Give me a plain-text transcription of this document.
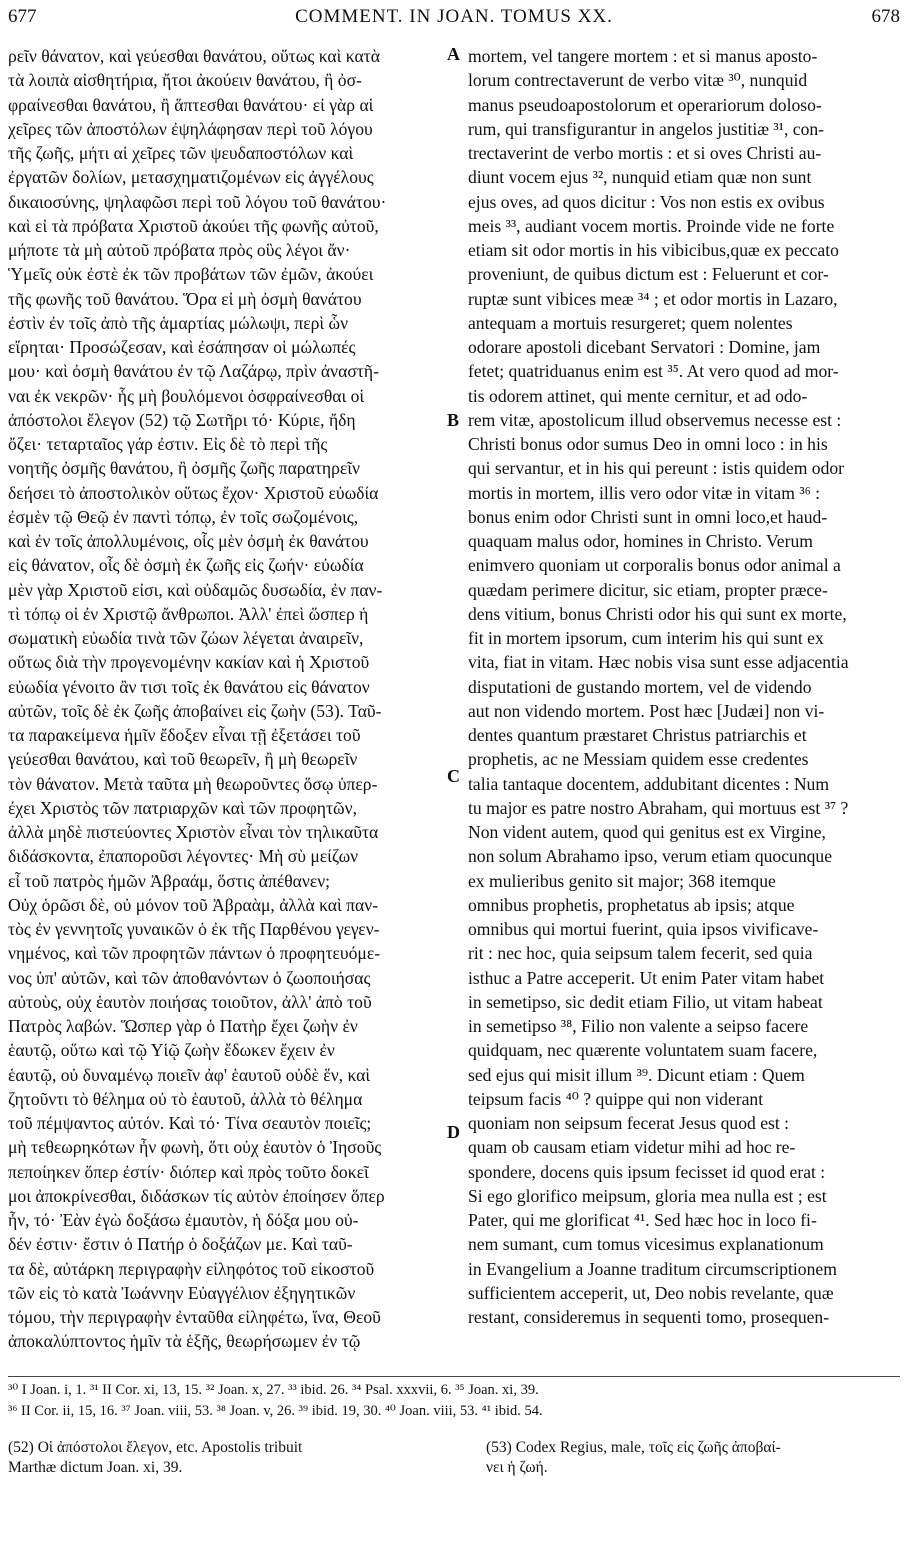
677	COMMENT. IN JOAN. TOMUS XX.	678
ρεῖν θάνατον, καὶ γεύεσθαι θανάτου, οὕτως καὶ κατὰ
τὰ λοιπὰ αἰσθητήρια, ἤτοι ἀκούειν θανάτου, ἢ ὀσ-
φραίνεσθαι θανάτου, ἢ ἅπτεσθαι θανάτου· εἰ γὰρ αἱ
χεῖρες τῶν ἀποστόλων ἐψηλάφησαν περὶ τοῦ λόγου
τῆς ζωῆς, μήτι αἱ χεῖρες τῶν ψευδαποστόλων καὶ
ἐργατῶν δολίων, μετασχηματιζομένων εἰς ἀγγέλους
δικαιοσύνης, ψηλαφῶσι περὶ τοῦ λόγου τοῦ θανάτου·
καὶ εἰ τὰ πρόβατα Χριστοῦ ἀκούει τῆς φωνῆς αὐτοῦ,
μήποτε τὰ μὴ αὐτοῦ πρόβατα πρὸς οὓς λέγοι ἄν·
Ὑμεῖς οὐκ ἐστὲ ἐκ τῶν προβάτων τῶν ἐμῶν, ἀκούει
τῆς φωνῆς τοῦ θανάτου. Ὅρα εἰ μὴ ὀσμὴ θανάτου
ἐστὶν ἐν τοῖς ἀπὸ τῆς ἁμαρτίας μώλωψι, περὶ ὧν
εἴρηται· Προσώζεσαν, καὶ ἐσάπησαν οἱ μώλωπές
μου· καὶ ὀσμὴ θανάτου ἐν τῷ Λαζάρῳ, πρὶν ἀναστῆ-
ναι ἐκ νεκρῶν· ἧς μὴ βουλόμενοι ὀσφραίνεσθαι οἱ
ἀπόστολοι ἔλεγον (52) τῷ Σωτῆρι τό· Κύριε, ἤδη
ὄζει· τεταρταῖος γάρ ἐστιν. Εἰς δὲ τὸ περὶ τῆς
νοητῆς ὀσμῆς θανάτου, ἢ ὀσμῆς ζωῆς παρατηρεῖν
δεήσει τὸ ἀποστολικὸν οὕτως ἔχον· Χριστοῦ εὐωδία
ἐσμὲν τῷ Θεῷ ἐν παντὶ τόπῳ, ἐν τοῖς σωζομένοις,
καὶ ἐν τοῖς ἀπολλυμένοις, οἷς μὲν ὀσμὴ ἐκ θανάτου
εἰς θάνατον, οἷς δὲ ὀσμὴ ἐκ ζωῆς εἰς ζωήν· εὐωδία
μὲν γὰρ Χριστοῦ εἰσι, καὶ οὐδαμῶς δυσωδία, ἐν παν-
τὶ τόπῳ οἱ ἐν Χριστῷ ἄνθρωποι. Ἀλλ' ἐπεὶ ὥσπερ ἡ
σωματικὴ εὐωδία τινὰ τῶν ζώων λέγεται ἀναιρεῖν,
οὕτως διὰ τὴν προγενομένην κακίαν καὶ ἡ Χριστοῦ
εὐωδία γένοιτο ἂν τισι τοῖς ἐκ θανάτου εἰς θάνατον
αὐτῶν, τοῖς δὲ ἐκ ζωῆς ἀποβαίνει εἰς ζωὴν (53). Ταῦ-
τα παρακείμενα ἡμῖν ἔδοξεν εἶναι τῇ ἐξετάσει τοῦ
γεύεσθαι θανάτου, καὶ τοῦ θεωρεῖν, ἢ μὴ θεωρεῖν
τὸν θάνατον. Μετὰ ταῦτα μὴ θεωροῦντες ὅσῳ ὑπερ-
έχει Χριστὸς τῶν πατριαρχῶν καὶ τῶν προφητῶν,
ἀλλὰ μηδὲ πιστεύοντες Χριστὸν εἶναι τὸν τηλικαῦτα
διδάσκοντα, ἐπαποροῦσι λέγοντες· Μὴ σὺ μείζων
εἶ τοῦ πατρὸς ἡμῶν Ἀβραάμ, ὅστις ἀπέθανεν;
Οὐχ ὁρῶσι δὲ, οὐ μόνον τοῦ Ἀβραὰμ, ἀλλὰ καὶ παν-
τὸς ἐν γεννητοῖς γυναικῶν ὁ ἐκ τῆς Παρθένου γεγεν-
νημένος, καὶ τῶν προφητῶν πάντων ὁ προφητευόμε-
νος ὑπ' αὐτῶν, καὶ τῶν ἀποθανόντων ὁ ζωοποιήσας
αὐτοὺς, οὐχ ἑαυτὸν ποιήσας τοιοῦτον, ἀλλ' ἀπὸ τοῦ
Πατρὸς λαβών. Ὥσπερ γὰρ ὁ Πατὴρ ἔχει ζωὴν ἐν
ἑαυτῷ, οὕτω καὶ τῷ Υἱῷ ζωὴν ἔδωκεν ἔχειν ἐν
ἑαυτῷ, οὐ δυναμένῳ ποιεῖν ἀφ' ἑαυτοῦ οὐδὲ ἕν, καὶ
ζητοῦντι τὸ θέλημα οὐ τὸ ἑαυτοῦ, ἀλλὰ τὸ θέλημα
τοῦ πέμψαντος αὐτόν. Καὶ τό· Τίνα σεαυτὸν ποιεῖς;
μὴ τεθεωρηκότων ἦν φωνὴ, ὅτι οὐχ ἑαυτὸν ὁ Ἰησοῦς
πεποίηκεν ὅπερ ἐστίν· διόπερ καὶ πρὸς τοῦτο δοκεῖ
μοι ἀποκρίνεσθαι, διδάσκων τίς αὐτὸν ἐποίησεν ὅπερ
ἦν, τό· Ἐὰν ἐγὼ δοξάσω ἐμαυτὸν, ἡ δόξα μου οὐ-
δέν ἐστιν· ἔστιν ὁ Πατήρ ὁ δοξάζων με. Καὶ ταῦ-
τα δὲ, αὐτάρκη περιγραφὴν εἰληφότος τοῦ εἰκοστοῦ
τῶν εἰς τὸ κατὰ Ἰωάννην Εὐαγγέλιον ἐξηγητικῶν
τόμου, τὴν περιγραφὴν ἐνταῦθα εἰληφέτω, ἵνα, Θεοῦ
ἀποκαλύπτοντος ἡμῖν τὰ ἑξῆς, θεωρήσωμεν ἐν τῷ
A
B
C
D
mortem, vel tangere mortem : et si manus aposto-
lorum contrectaverunt de verbo vitæ ³⁰, nunquid
manus pseudoapostolorum et operariorum doloso-
rum, qui transfigurantur in angelos justitiæ ³¹, con-
trectaverint de verbo mortis : et si oves Christi au-
diunt vocem ejus ³², nunquid etiam quæ non sunt
ejus oves, ad quos dicitur : Vos non estis ex ovibus
meis ³³, audiant vocem mortis. Proinde vide ne forte
etiam sit odor mortis in his vibicibus,quæ ex peccato
proveniunt, de quibus dictum est : Feluerunt et cor-
ruptæ sunt vibices meæ ³⁴ ; et odor mortis in Lazaro,
antequam a mortuis resurgeret; quem nolentes
odorare apostoli dicebant Servatori : Domine, jam
fetet; quatriduanus enim est ³⁵. At vero quod ad mor-
tis odorem attinet, qui mente cernitur, et ad odo-
rem vitæ, apostolicum illud observemus necesse est :
Christi bonus odor sumus Deo in omni loco : in his
qui servantur, et in his qui pereunt : istis quidem odor
mortis in mortem, illis vero odor vitæ in vitam ³⁶ :
bonus enim odor Christi sunt in omni loco,et haud-
quaquam malus odor, homines in Christo. Verum
enimvero quoniam ut corporalis bonus odor animal a
quædam perimere dicitur, sic etiam, propter præce-
dens vitium, bonus Christi odor his qui sunt ex morte,
fit in mortem ipsorum, cum interim his qui sunt ex
vita, fiat in vitam. Hæc nobis visa sunt esse adjacentia
disputationi de gustando mortem, vel de videndo
aut non videndo mortem. Post hæc [Judæi] non vi-
dentes quantum præstaret Christus patriarchis et
prophetis, ac ne Messiam quidem esse credentes
talia tantaque docentem, addubitant dicentes : Num
tu major es patre nostro Abraham, qui mortuus est ³⁷ ?
Non vident autem, quod qui genitus est ex Virgine,
non solum Abrahamo ipso, verum etiam quocunque
ex mulieribus genito sit major; 368 itemque
omnibus prophetis, prophetatus ab ipsis; atque
omnibus qui mortui fuerint, quia ipsos vivificave-
rit : nec hoc, quia seipsum talem fecerit, sed quia
isthuc a Patre acceperit. Ut enim Pater vitam habet
in semetipso, sic dedit etiam Filio, ut vitam habeat
in semetipso ³⁸, Filio non valente a seipso facere
quidquam, nec quærente voluntatem suam facere,
sed ejus qui misit illum ³⁹. Dicunt etiam : Quem
teipsum facis ⁴⁰ ? quippe qui non viderant
quoniam non seipsum fecerat Jesus quod est :
quam ob causam etiam videtur mihi ad hoc re-
spondere, docens quis ipsum fecisset id quod erat :
Si ego glorifico meipsum, gloria mea nulla est ; est
Pater, qui me glorificat ⁴¹. Sed hæc hoc in loco fi-
nem sumant, cum tomus vicesimus explanationum
in Evangelium a Joanne traditum circumscriptionem
sufficientem acceperit, ut, Deo nobis revelante, quæ
restant, consideremus in sequenti tomo, prosequen-
³⁰ I Joan. i, 1. ³¹ II Cor. xi, 13, 15. ³² Joan. x, 27. ³³ ibid. 26. ³⁴ Psal. xxxvii, 6. ³⁵ Joan. xi, 39.
³⁶ II Cor. ii, 15, 16. ³⁷ Joan. viii, 53. ³⁸ Joan. v, 26. ³⁹ ibid. 19, 30. ⁴⁰ Joan. viii, 53. ⁴¹ ibid. 54.
(52) Οἱ ἀπόστολοι ἔλεγον, etc. Apostolis tribuit
Marthæ dictum Joan. xi, 39.
(53) Codex Regius, male, τοῖς εἰς ζωῆς ἀποβαί-
νει ἡ ζωή.
